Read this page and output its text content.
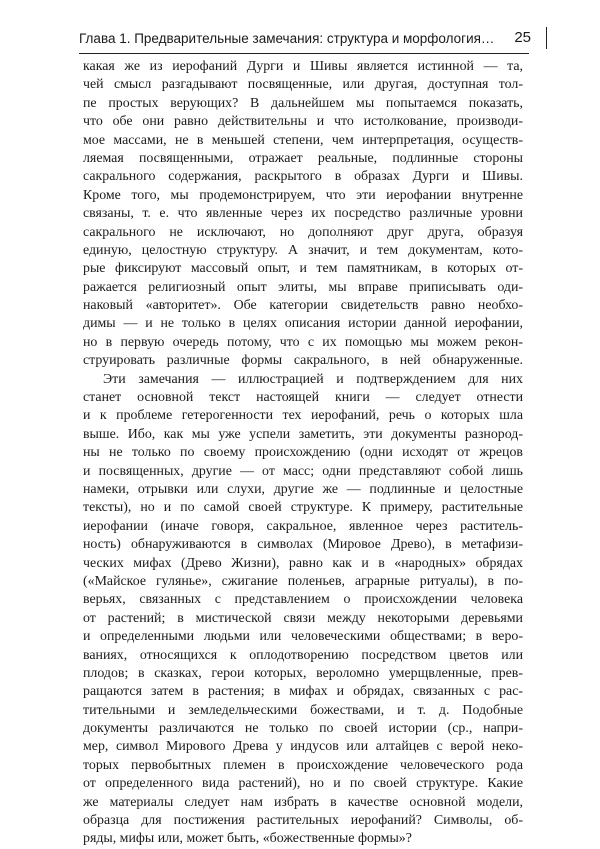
Глава 1. Предварительные замечания: структура и морфология… 25
какая же из иерофаний Дурги и Шивы является истинной — та,
чей смысл разгадывают посвященные, или другая, доступная тол-
пе простых верующих? В дальнейшем мы попытаемся показать,
что обе они равно действительны и что истолкование, производи-
мое массами, не в меньшей степени, чем интерпретация, осуществ-
ляемая посвященными, отражает реальные, подлинные стороны
сакрального содержания, раскрытого в образах Дурги и Шивы.
Кроме того, мы продемонстрируем, что эти иерофании внутренне
связаны, т. е. что явленные через их посредство различные уровни
сакрального не исключают, но дополняют друг друга, образуя
единую, целостную структуру. А значит, и тем документам, кото-
рые фиксируют массовый опыт, и тем памятникам, в которых от-
ражается религиозный опыт элиты, мы вправе приписывать оди-
наковый «авторитет». Обе категории свидетельств равно необхо-
димы — и не только в целях описания истории данной иерофании,
но в первую очередь потому, что с их помощью мы можем рекон-
струировать различные формы сакрального, в ней обнаруженные.
Эти замечания — иллюстрацией и подтверждением для них
станет основной текст настоящей книги — следует отнести
и к проблеме гетерогенности тех иерофаний, речь о которых шла
выше. Ибо, как мы уже успели заметить, эти документы разнород-
ны не только по своему происхождению (одни исходят от жрецов
и посвященных, другие — от масс; одни представляют собой лишь
намеки, отрывки или слухи, другие же — подлинные и целостные
тексты), но и по самой своей структуре. К примеру, растительные
иерофании (иначе говоря, сакральное, явленное через раститель-
ность) обнаруживаются в символах (Мировое Древо), в метафизи-
ческих мифах (Древо Жизни), равно как и в «народных» обрядах
(«Майское гулянье», сжигание поленьев, аграрные ритуалы), в по-
верьях, связанных с представлением о происхождении человека
от растений; в мистической связи между некоторыми деревьями
и определенными людьми или человеческими обществами; в веро-
ваниях, относящихся к оплодотворению посредством цветов или
плодов; в сказках, герои которых, вероломно умерщвленные, прев-
ращаются затем в растения; в мифах и обрядах, связанных с рас-
тительными и земледельческими божествами, и т. д. Подобные
документы различаются не только по своей истории (ср., напри-
мер, символ Мирового Древа у индусов или алтайцев с верой неко-
торых первобытных племен в происхождение человеческого рода
от определенного вида растений), но и по своей структуре. Какие
же материалы следует нам избрать в качестве основной модели,
образца для постижения растительных иерофаний? Символы, об-
ряды, мифы или, может быть, «божественные формы»?
